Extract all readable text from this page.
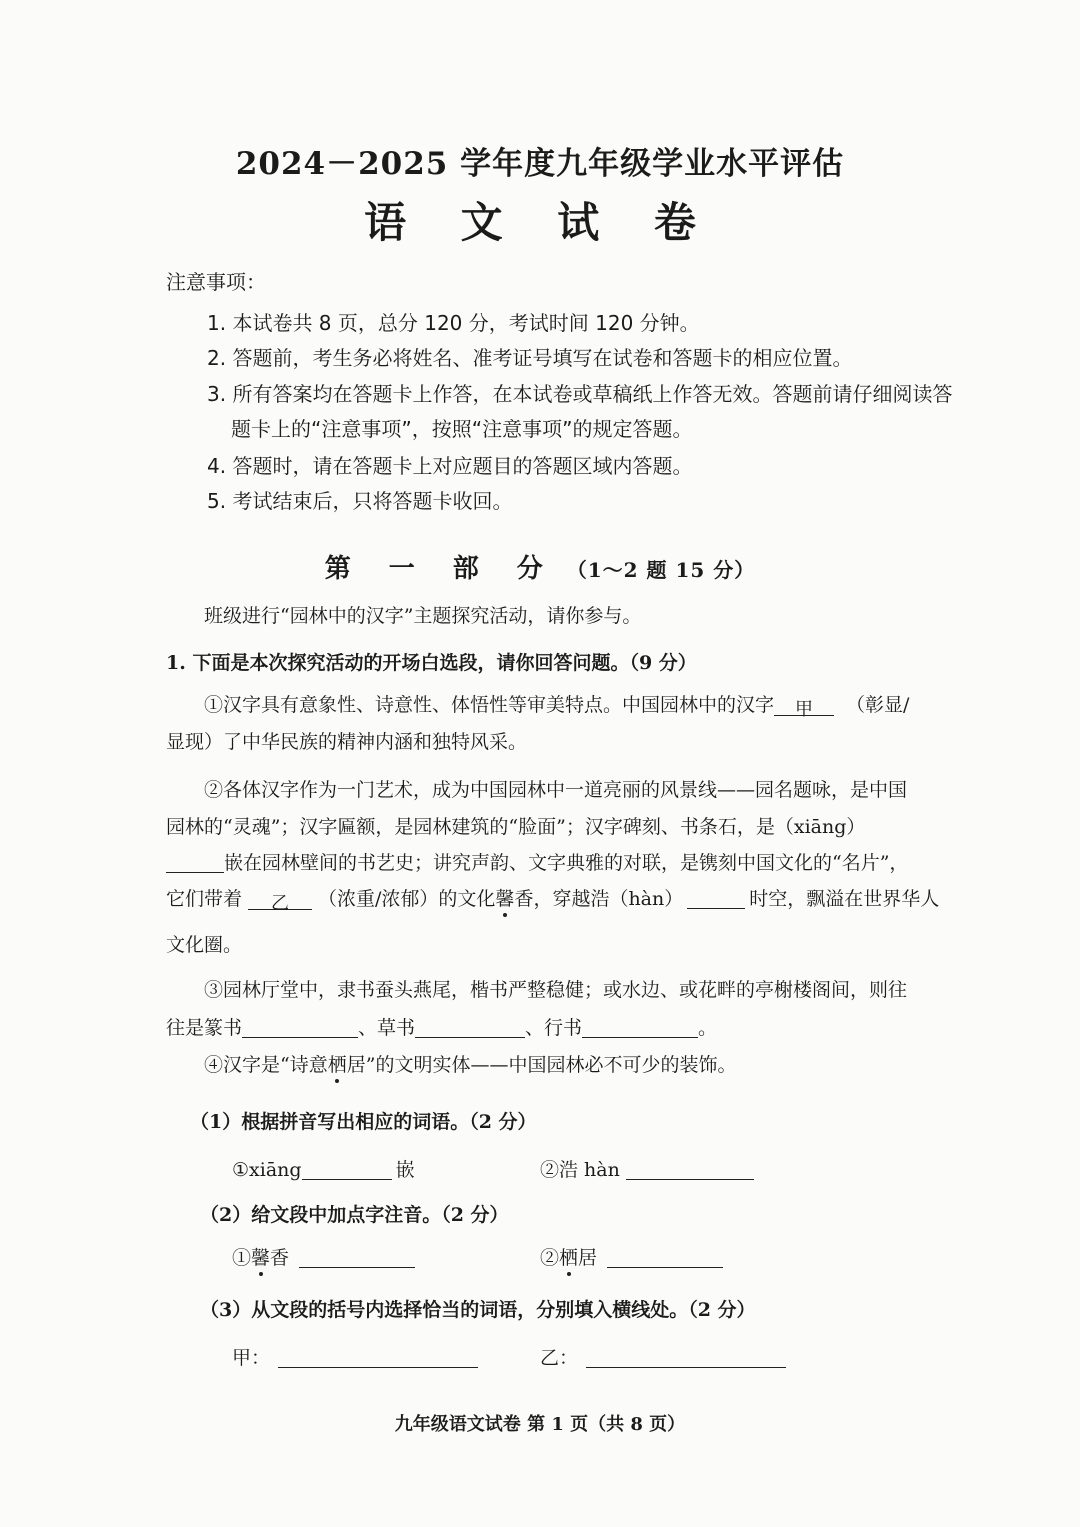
2024－2025 学年度九年级学业水平评估
语 文 试 卷
注意事项：
1. 本试卷共 8 页，总分 120 分，考试时间 120 分钟。
2. 答题前，考生务必将姓名、准考证号填写在试卷和答题卡的相应位置。
3. 所有答案均在答题卡上作答，在本试卷或草稿纸上作答无效。答题前请仔细阅读答
题卡上的“注意事项”，按照“注意事项”的规定答题。
4. 答题时，请在答题卡上对应题目的答题区域内答题。
5. 考试结束后，只将答题卡收回。
第一部分（1～2 题 15 分）
班级进行“园林中的汉字”主题探究活动，请你参与。
1. 下面是本次探究活动的开场白选段，请你回答问题。（9 分）
①汉字具有意象性、诗意性、体悟性等审美特点。中国园林中的汉字 甲 （彰显/
显现）了中华民族的精神内涵和独特风采。
②各体汉字作为一门艺术，成为中国园林中一道亮丽的风景线——园名题咏，是中国
园林的“灵魂”；汉字匾额，是园林建筑的“脸面”；汉字碑刻、书条石，是（xiāng）
嵌在园林壁间的书艺史；讲究声韵、文字典雅的对联，是镌刻中国文化的“名片”，
它们带着 乙 （浓重/浓郁）的文化馨香，穿越浩（hàn）	时空，飘溢在世界华人
文化圈。
③园林厅堂中，隶书蚕头燕尾，楷书严整稳健；或水边、或花畔的亭榭楼阁间，则往
往是篆书	、草书	、行书	。
④汉字是“诗意栖居”的文明实体——中国园林必不可少的装饰。
（1）根据拼音写出相应的词语。（2 分）
①xiāng	嵌	②浩 hàn
（2）给文段中加点字注音。（2 分）
①馨香	②栖居
（3）从文段的括号内选择恰当的词语，分别填入横线处。（2 分）
甲：	乙：
九年级语文试卷 第 1 页（共 8 页）
